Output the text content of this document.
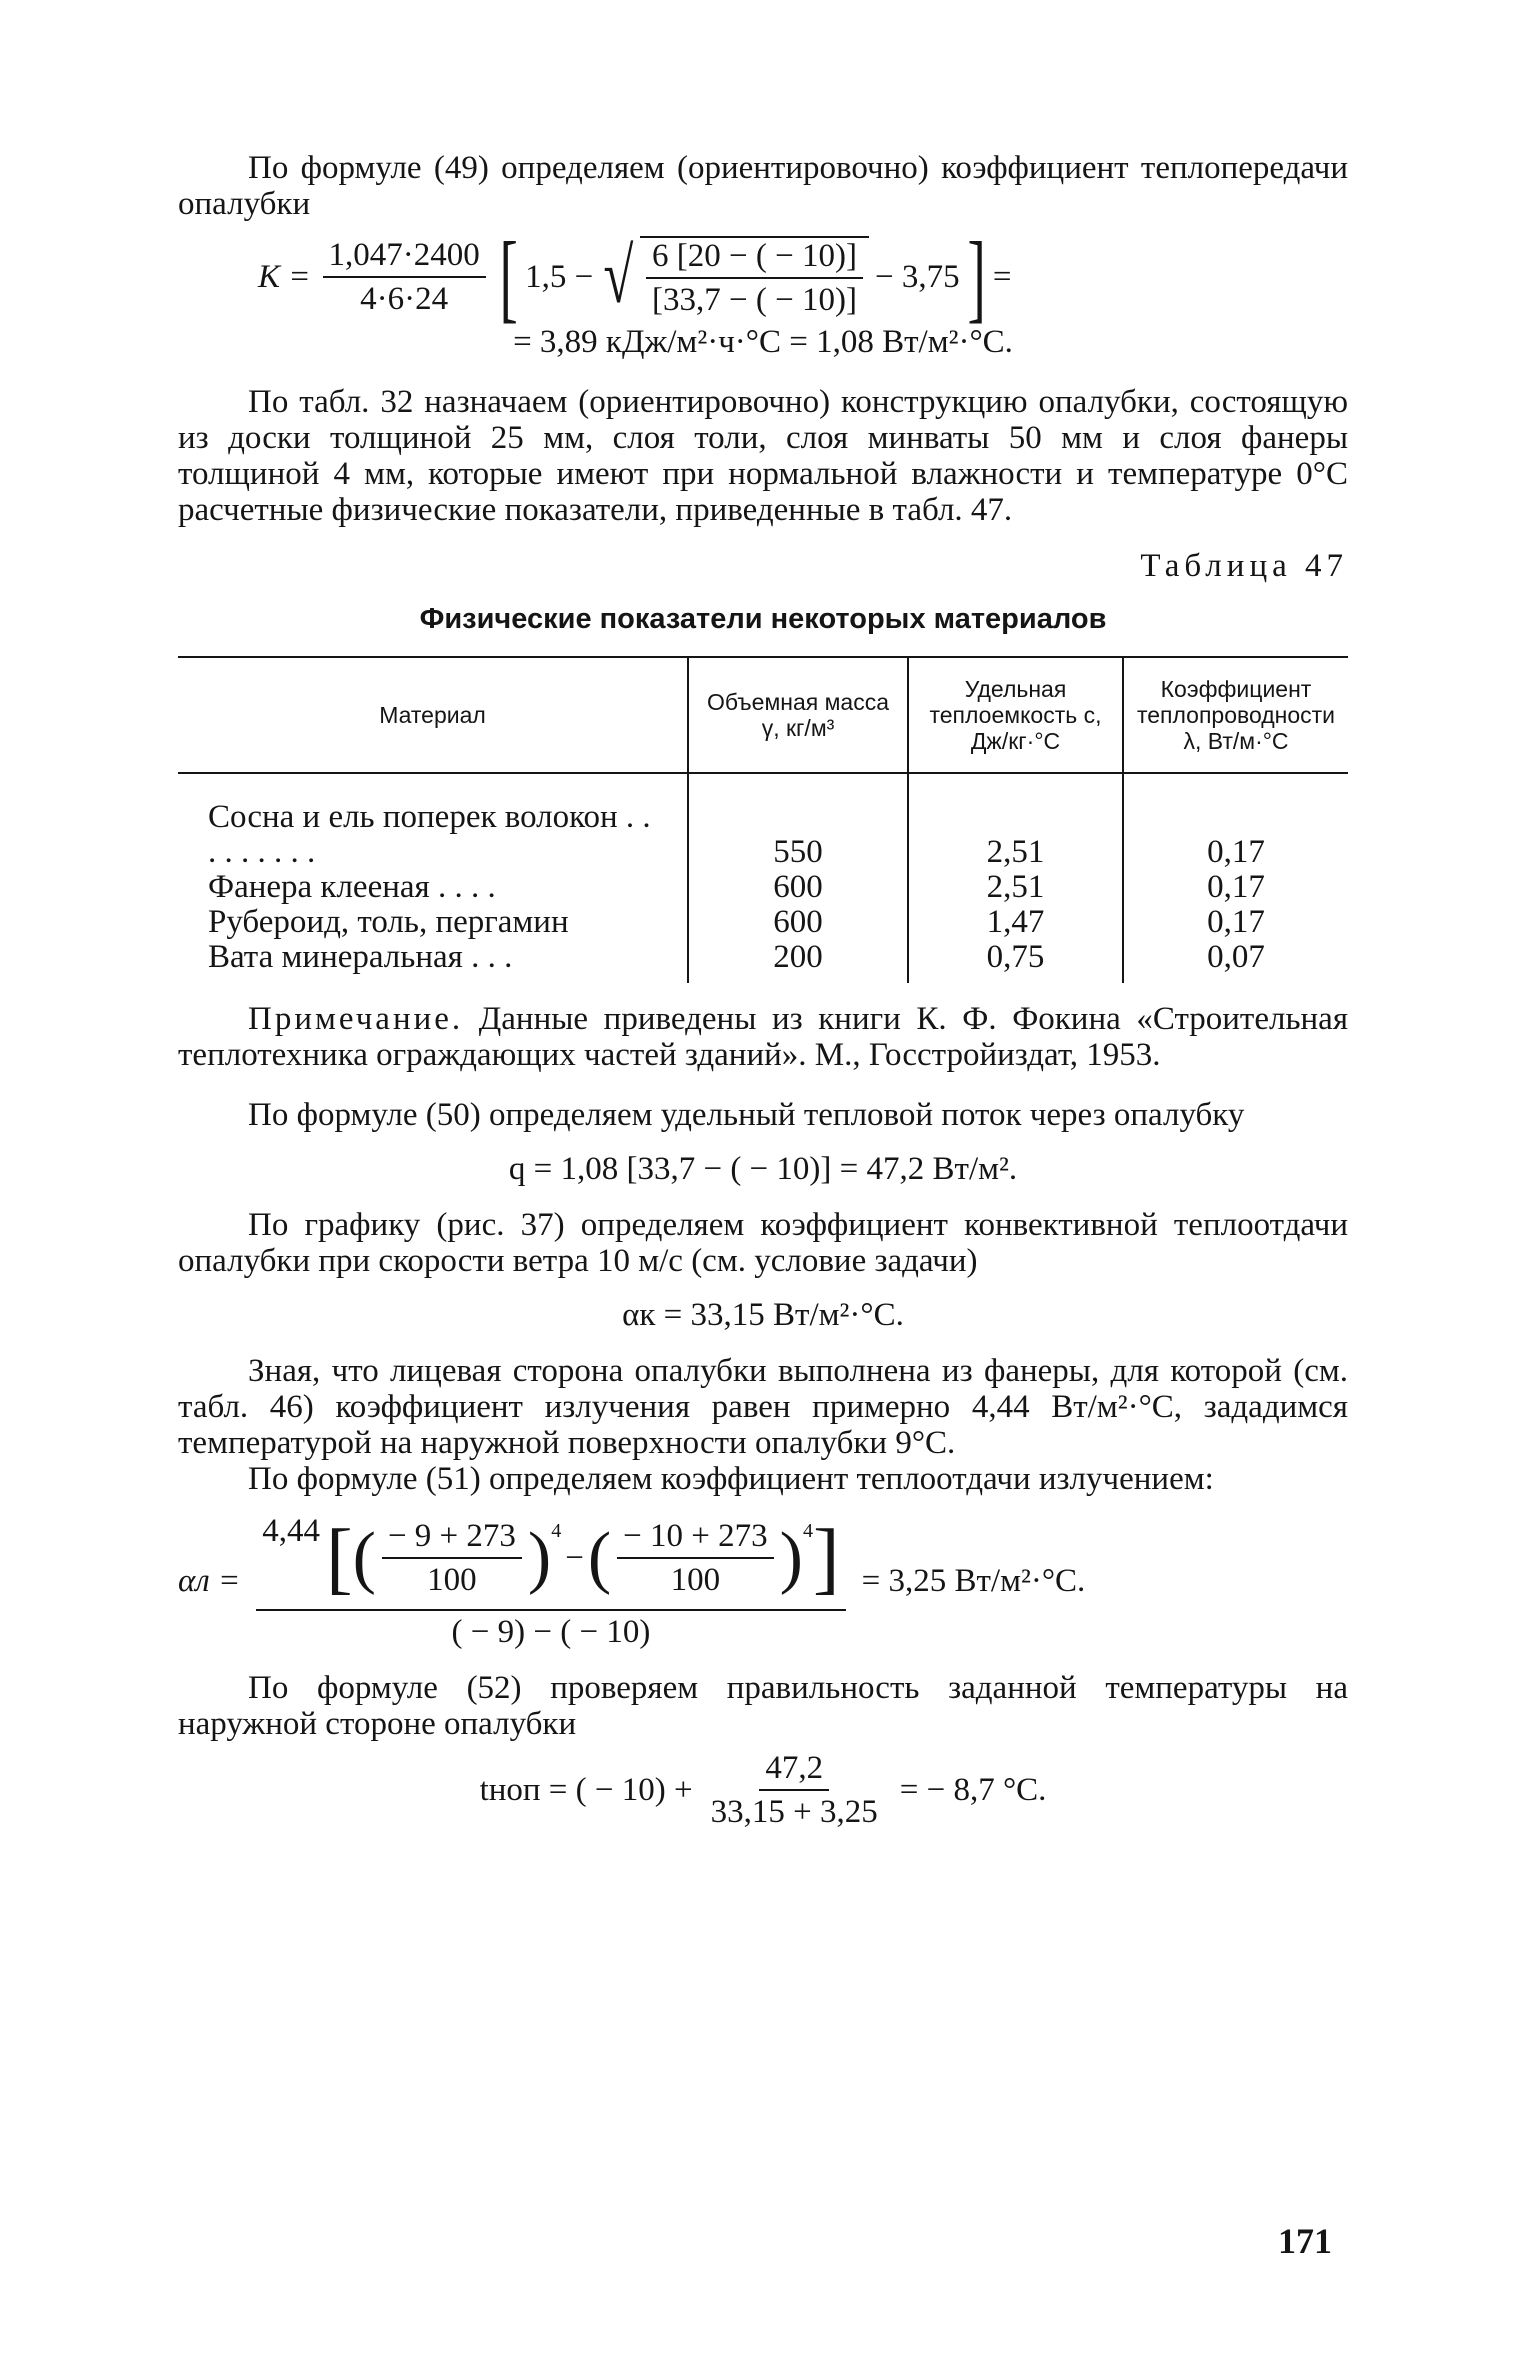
По формуле (49) определяем (ориентировочно) коэффициент теплопередачи опалубки

$K = \frac{1,047\cdot 2400}{4\cdot 6\cdot 24}$ [ 1,5 − √ $\frac{6 [20 - ( - 10)]}{[33,7 - ( - 10)]} - 3,75$ ] =

= 3,89 кДж/м²·ч·°С = 1,08 Вт/м²·°С.

По табл. 32 назначаем (ориентировочно) конструкцию опалубки, состоящую из доски толщиной 25 мм, слоя толи, слоя минваты 50 мм и слоя фанеры толщиной 4 мм, которые имеют при нормальной влажности и температуре 0°С расчетные физические показатели, приведенные в табл. 47.

Таблица 47
Физические показатели некоторых материалов
Материал	Объемная масса γ, кг/м³	Удельная теплоемкость с, Дж/кг·°С	Коэффициент теплопроводности λ, Вт/м·°С
Сосна и ель поперек волокон . . . . . . . . .	550	2,51	0,17
Фанера клееная . . . .	600	2,51	0,17
Рубероид, толь, пергамин	600	1,47	0,17
Вата минеральная . . .	200	0,75	0,07

Примечание. Данные приведены из книги К. Ф. Фокина «Строительная теплотехника ограждающих частей зданий». М., Госстройиздат, 1953.

По формуле (50) определяем удельный тепловой поток через опалубку

q = 1,08 [33,7 − ( − 10)] = 47,2 Вт/м².

По графику (рис. 37) определяем коэффициент конвективной теплоотдачи опалубки при скорости ветра 10 м/с (см. условие задачи)

αк = 33,15 Вт/м²·°С.

Зная, что лицевая сторона опалубки выполнена из фанеры, для которой (см. табл. 46) коэффициент излучения равен примерно 4,44 Вт/м²·°С, зададимся температурой на наружной поверхности опалубки 9°С.

По формуле (51) определяем коэффициент теплоотдачи излучением:

αл =
4,44 [ ( $\frac{- 9 + 273}{100} )^4$
− ( $\frac{- 10 + 273}{100} )^4$ ]
( − 9) − ( − 10)
= 3,25 Вт/м²·°С.

По формуле (52) проверяем правильность заданной температуры на наружной стороне опалубки

tноп = ( − $10) + \frac{47,2}{33,15 + 3,25}$ = − 8,7 °С.
171
